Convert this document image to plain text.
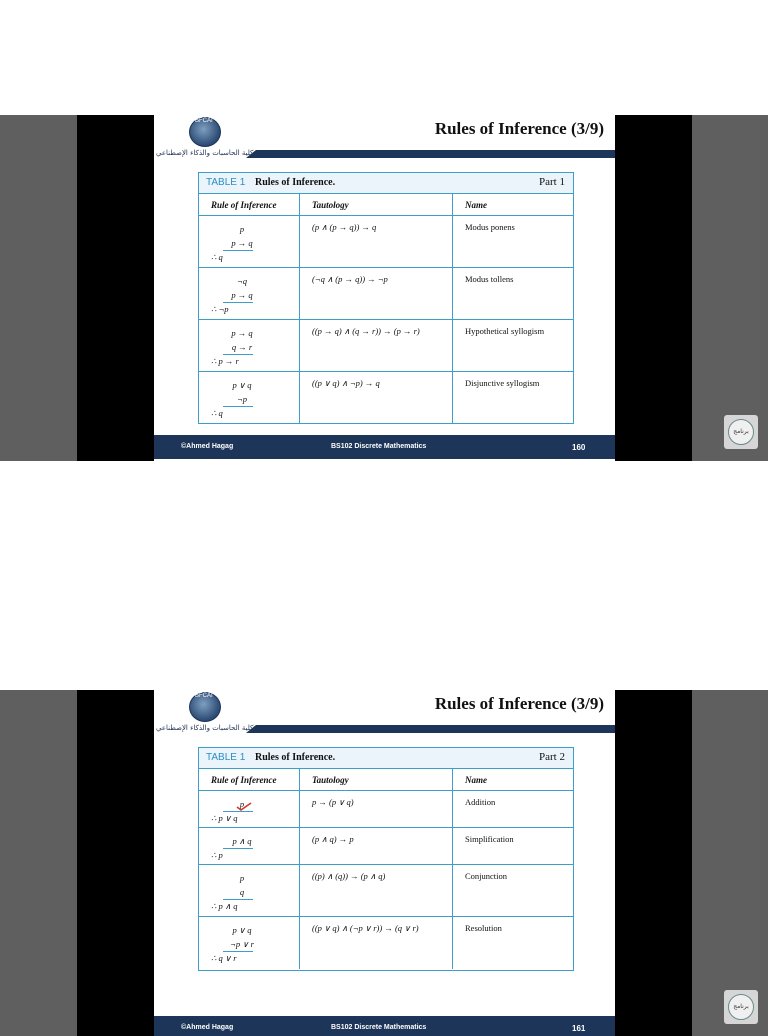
BFCAI
كلية الحاسبات والذكاء الإصطناعي
Rules of Inference (3/9)
TABLE 1 Rules of Inference.	Part 1
Rule of Inference	Tautology	Name

p
p → q
∴ q	(p ∧ (p → q)) → q	Modus ponens

¬q
p → q
∴ ¬p	(¬q ∧ (p → q)) → ¬p	Modus tollens

p → q
q → r
∴ p → r	((p → q) ∧ (q → r)) → (p → r)	Hypothetical syllogism

p ∨ q
¬p
∴ q	((p ∨ q) ∧ ¬p) → q	Disjunctive syllogism
©Ahmed Hagag	BS102 Discrete Mathematics	160
ﺑﺮﻧﺎﻣﺞ
BFCAI
كلية الحاسبات والذكاء الإصطناعي
Rules of Inference (3/9)
TABLE 1 Rules of Inference.	Part 2
Rule of Inference	Tautology	Name

p
∴ p ∨ q	p → (p ∨ q)	Addition

p ∧ q
∴ p	(p ∧ q) → p	Simplification

p
q
∴ p ∧ q	((p) ∧ (q)) → (p ∧ q)	Conjunction

p ∨ q
¬p ∨ r
∴ q ∨ r	((p ∨ q) ∧ (¬p ∨ r)) → (q ∨ r)	Resolution
©Ahmed Hagag	BS102 Discrete Mathematics	161
ﺑﺮﻧﺎﻣﺞ
